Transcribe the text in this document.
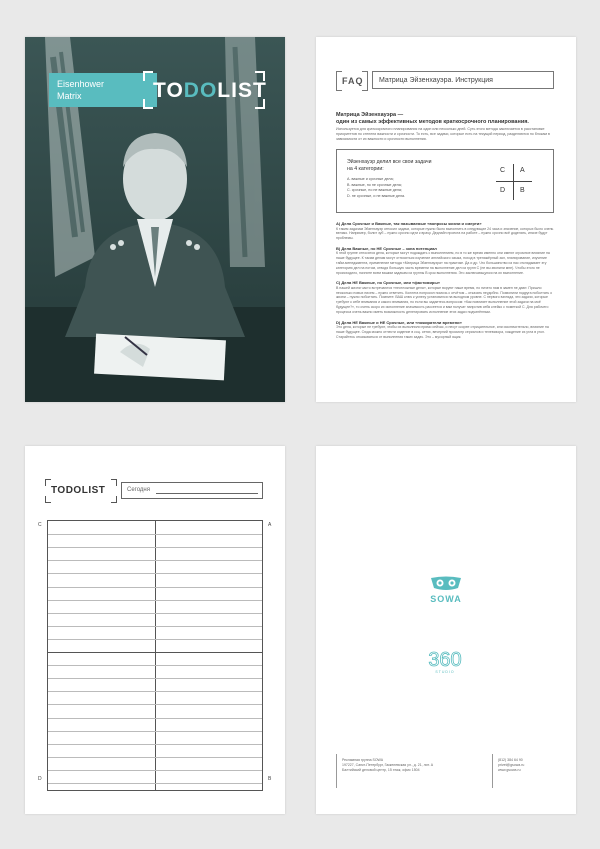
Eisenhower
Matrix	TODOLIST	FAQ	Матрица Эйзенхауэра. Инструкция
Матрица Эйзенхауэра —
один из самых эффективных методов краткосрочного планирования.
Используется для краткосрочного планирования на один или несколько дней. Суть этого метода заключается в расстановке приоритетов по степени важности и срочности. То есть, все задачи, которые есть на текущий период, разделяются по блокам в зависимости от их важности и срочности выполнения.
Эйзенхауэр делил все свои задачи
на 4 категории:
A. важные и срочные дела;
B. важные, но не срочные дела;
C. срочные, но не важные дела;
D. не срочные, и не важные дела.
C A
D B
А) Дела Срочные и Важные, так называемые «вопросы жизни и смерти»
К таким задачам Эйзенхауэр относил задачи, которые нужно было выполнить в следующие 24 часа и значение, которых было очень велико. Например, болит зуб – нужно срочно идти к врачу. Дедлайн проекта на работе – нужно срочно всё доделать, иначе будут проблемы.
B) Дела Важные, но НЕ Срочные – зона потенциал
К этой группе относятся дела, которые могут подождать с выполнением, но в то же время именно они имеют огромное влияние на наше будущее. К таким делам могут относиться изучение английского языка, поход в тренажёрный зал, планирование, изучение тайм-менеджмента, применение метода «Матрица Эйзенхауэра» на практике. Да и др. Что большинство из нас откладывает эту категорию дел на потом, отводя большую часть времени на выполнение дел из групп С (не вы звонили мне). Чтобы этого не происходило, начните всем вашим задачам из группы B срок выполнения. Это заключающуюся на их выполнение.
C) Дела НЕ Важные, но Срочные, или «фастомиры»
В нашей жизни часто встречаются «неотложные дела», которые воруют наше время, но ничего нам в замен не дают. Пришло несколько новых писем – нужно ответить. Коллега попросил помочь с отчётом – отказать неудобно. Позвонили подруга поболтать о жизни – нужно поболтать. Помните: ВАШ ключ к успеху установился на выгодном уровне. С первого взгляда, эти задачи, которые требуют к себе внимания и какого внимания, но если вы задаетесь вопросом: «Как повлияет выполнение этой задачи на моё будущее?», то очень скоро их исполнение значимость рассеется и вам получат напротив себя клейко с пометкой С. Для рабочего процесса очень важно иметь возможность делегировать исполнение этих задач подчинённым.
D) Дела НЕ Важные и НЕ Срочные, или «пожиратели времени»
Это дела, которые не требуют, чтобы их выполнили прямо сейчас, и несут скорее отрицательное, или исключительно, влияние на наше будущее. Сюда можно отнести сидение в соц. сетях, вечерний просмотр сериалов и телевизора, хождение из угла в угол. Старайтесь отказываться от выполнения таких задач. Это – мусорный ящик.
TODOLIST	Сегодня
C	A
D	B
SOWA
360
STUDIO
Рекламная группа SOWA
197227, Санкт-Петербург, Гаккелевская ул., д. 21, лит. А
Балтийский деловой центр, 15 этаж, офис 1504
(812) 384 64 90
privet@gsowa.ru
www.gsowa.ru
